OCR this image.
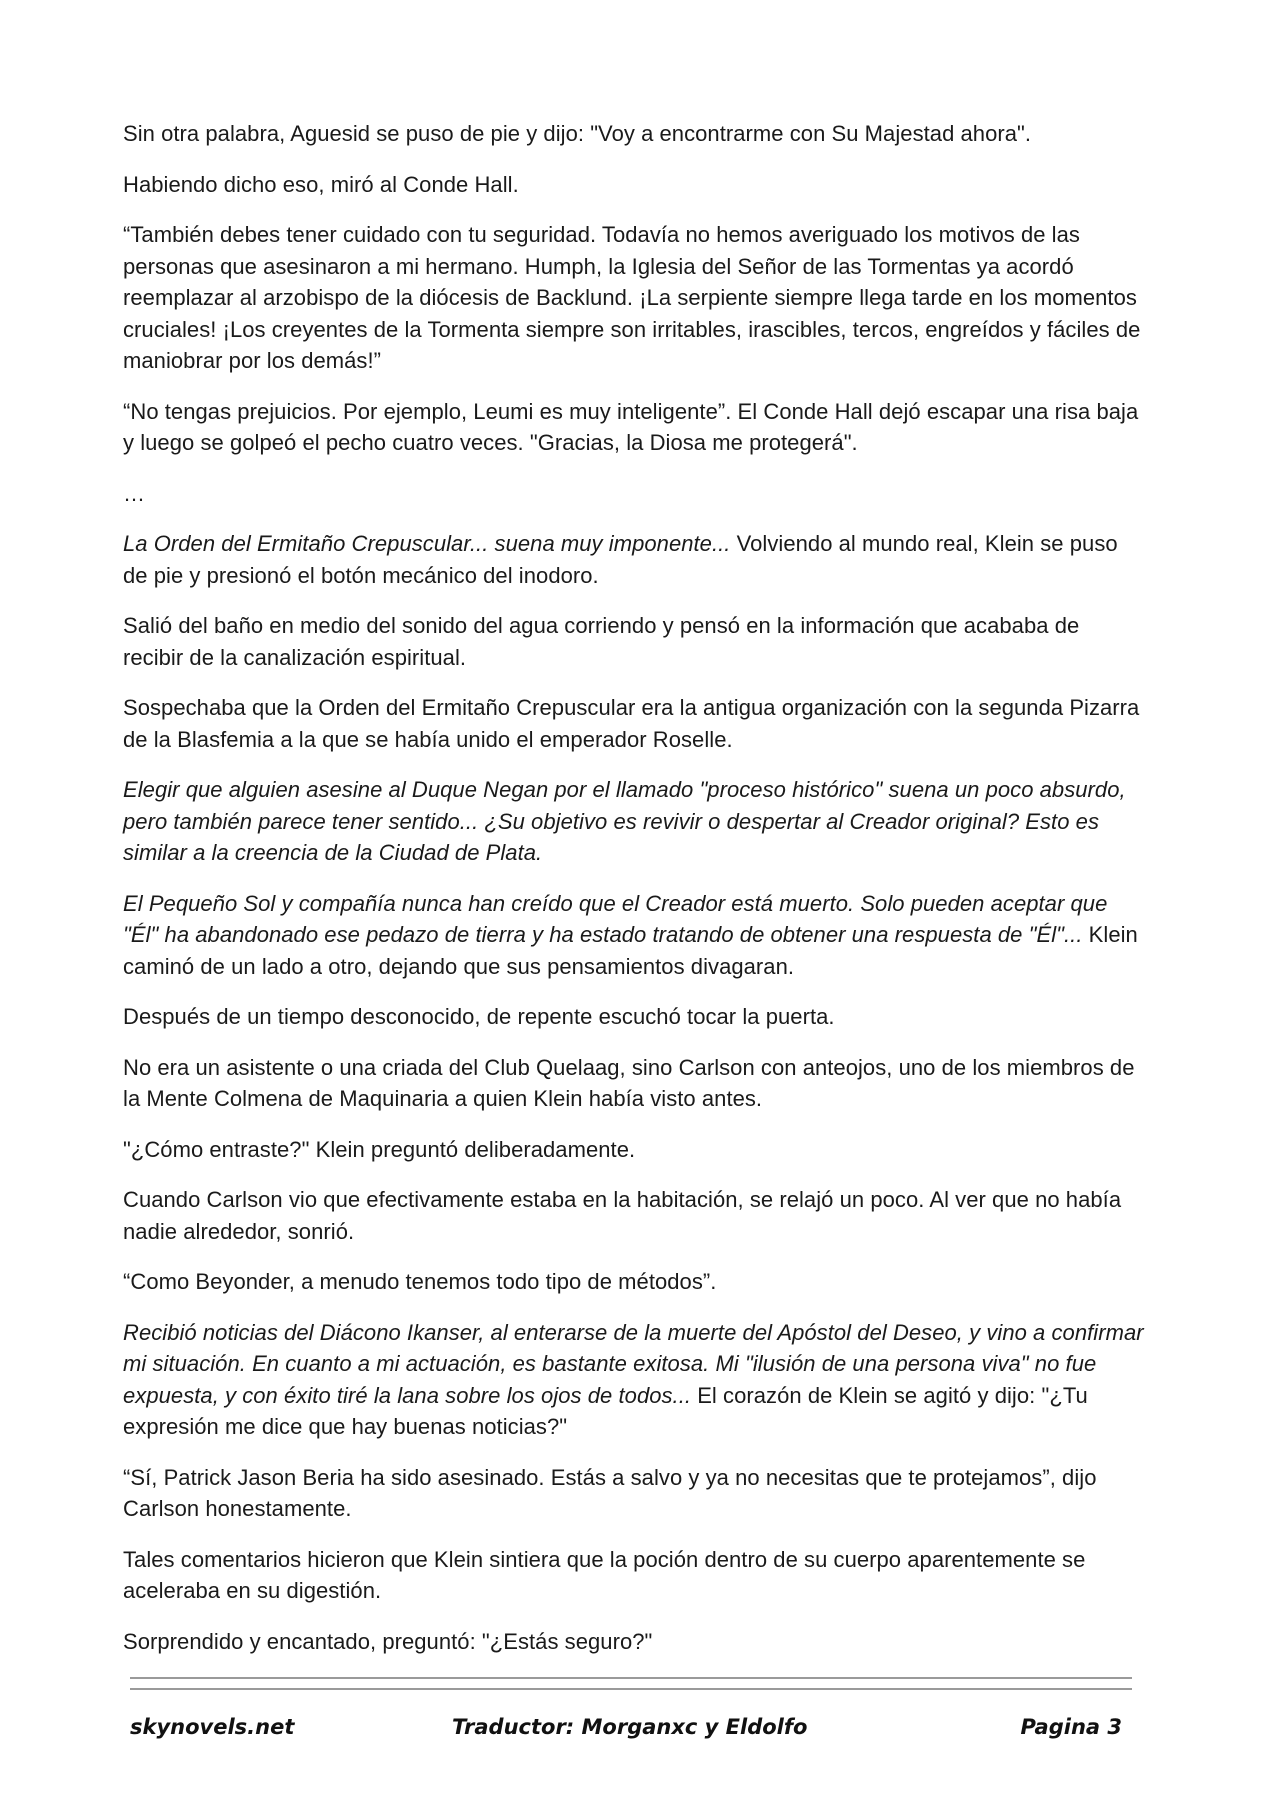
Sin otra palabra, Aguesid se puso de pie y dijo: "Voy a encontrarme con Su Majestad ahora".

Habiendo dicho eso, miró al Conde Hall.

“También debes tener cuidado con tu seguridad. Todavía no hemos averiguado los motivos de las personas que asesinaron a mi hermano. Humph, la Iglesia del Señor de las Tormentas ya acordó reemplazar al arzobispo de la diócesis de Backlund. ¡La serpiente siempre llega tarde en los momentos cruciales! ¡Los creyentes de la Tormenta siempre son irritables, irascibles, tercos, engreídos y fáciles de maniobrar por los demás!”

“No tengas prejuicios. Por ejemplo, Leumi es muy inteligente”. El Conde Hall dejó escapar una risa baja y luego se golpeó el pecho cuatro veces. "Gracias, la Diosa me protegerá".

…

La Orden del Ermitaño Crepuscular... suena muy imponente... Volviendo al mundo real, Klein se puso de pie y presionó el botón mecánico del inodoro.

Salió del baño en medio del sonido del agua corriendo y pensó en la información que acababa de recibir de la canalización espiritual.

Sospechaba que la Orden del Ermitaño Crepuscular era la antigua organización con la segunda Pizarra de la Blasfemia a la que se había unido el emperador Roselle.

Elegir que alguien asesine al Duque Negan por el llamado "proceso histórico" suena un poco absurdo, pero también parece tener sentido... ¿Su objetivo es revivir o despertar al Creador original? Esto es similar a la creencia de la Ciudad de Plata.

El Pequeño Sol y compañía nunca han creído que el Creador está muerto. Solo pueden aceptar que "Él" ha abandonado ese pedazo de tierra y ha estado tratando de obtener una respuesta de "Él"... Klein caminó de un lado a otro, dejando que sus pensamientos divagaran.

Después de un tiempo desconocido, de repente escuchó tocar la puerta.

No era un asistente o una criada del Club Quelaag, sino Carlson con anteojos, uno de los miembros de la Mente Colmena de Maquinaria a quien Klein había visto antes.

"¿Cómo entraste?" Klein preguntó deliberadamente.

Cuando Carlson vio que efectivamente estaba en la habitación, se relajó un poco. Al ver que no había nadie alrededor, sonrió.

“Como Beyonder, a menudo tenemos todo tipo de métodos”.

Recibió noticias del Diácono Ikanser, al enterarse de la muerte del Apóstol del Deseo, y vino a confirmar mi situación. En cuanto a mi actuación, es bastante exitosa. Mi "ilusión de una persona viva" no fue expuesta, y con éxito tiré la lana sobre los ojos de todos... El corazón de Klein se agitó y dijo: "¿Tu expresión me dice que hay buenas noticias?"

“Sí, Patrick Jason Beria ha sido asesinado. Estás a salvo y ya no necesitas que te protejamos”, dijo Carlson honestamente.

Tales comentarios hicieron que Klein sintiera que la poción dentro de su cuerpo aparentemente se aceleraba en su digestión.

Sorprendido y encantado, preguntó: "¿Estás seguro?"

skynovels.net	Traductor: Morganxc y Eldolfo	Pagina 3
